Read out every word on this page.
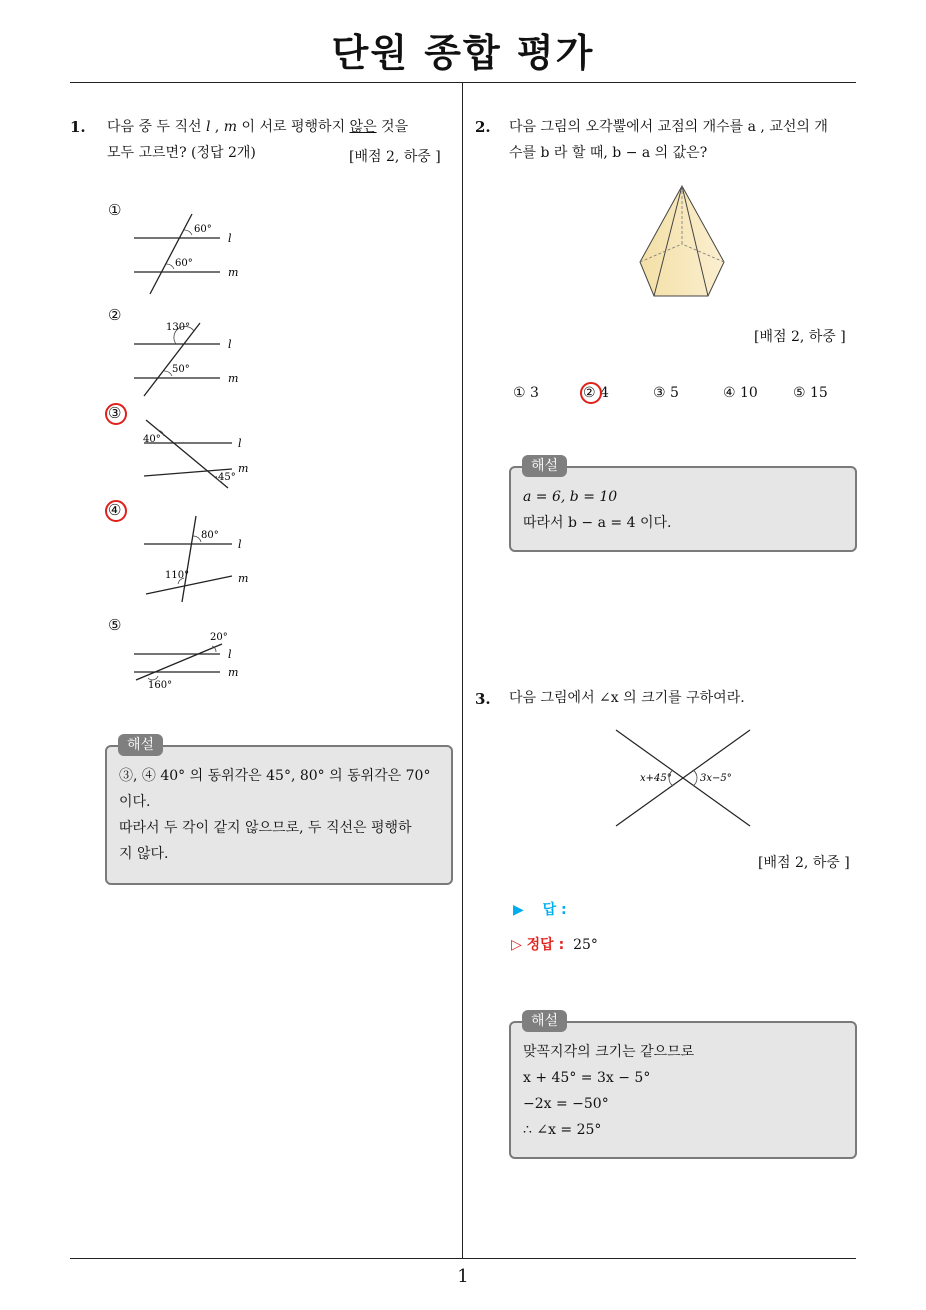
단원 종합 평가
1
1. 다음 중 두 직선 l , m 이 서로 평행하지 않은 것을
모두 고르면? (정답 2개)	[배점 2, 하중 ]
①
60°
60°
l
m
②
130°
50°
l
m
③
40°
45°
l
m
④
80°
110°
l
m
⑤
20°
160°
l
m
③, ④ 40° 의 동위각은 45°, 80° 의 동위각은 70°
이다.
따라서 두 각이 같지 않으므로, 두 직선은 평행하
지 않다.
해설
2. 다음 그림의 오각뿔에서 교점의 개수를 a , 교선의 개
수를 b 라 할 때, b − a 의 값은?
[배점 2, 하중 ]
① 3	② 4	③ 5	④ 10	⑤ 15
a = 6, b = 10
따라서 b − a = 4 이다.
해설
3. 다음 그림에서 ∠x 의 크기를 구하여라.
x+45°	3x−5°
[배점 2, 하중 ]
▶ 답 :
▷ 정답 : 25°
맞꼭지각의 크기는 같으므로
x + 45° = 3x − 5°
−2x = −50°
∴ ∠x = 25°
해설
